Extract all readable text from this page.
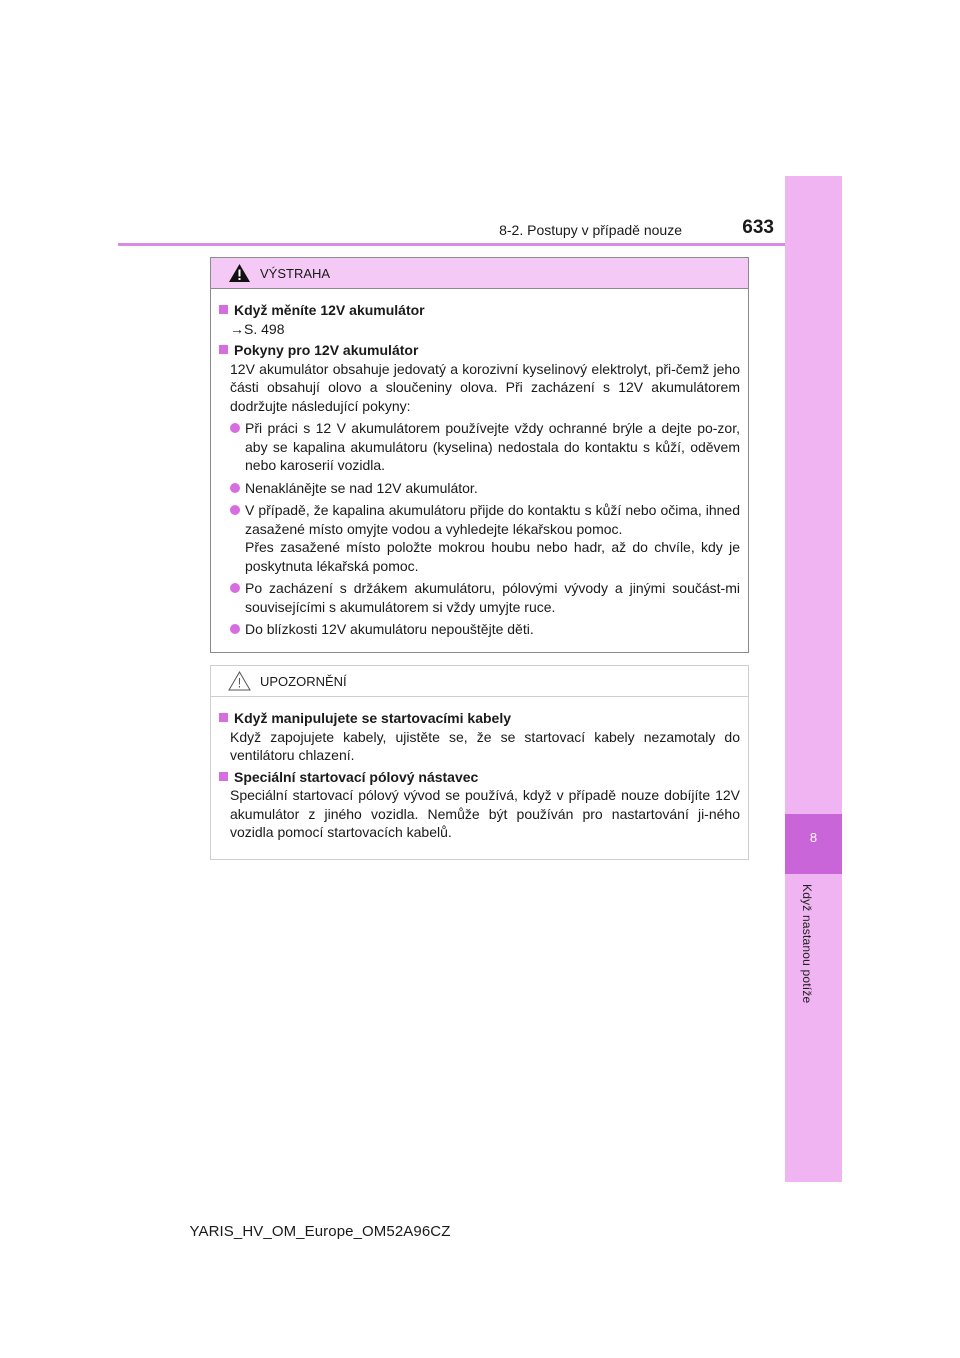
8
Když nastanou potíže
8-2. Postupy v případě nouze	633
VÝSTRAHA
Když měníte 12V akumulátor
→S. 498
Pokyny pro 12V akumulátor
12V akumulátor obsahuje jedovatý a korozivní kyselinový elektrolyt, při-čemž jeho části obsahují olovo a sloučeniny olova. Při zacházení s 12V akumulátorem dodržujte následující pokyny:
Při práci s 12 V akumulátorem používejte vždy ochranné brýle a dejte po-zor, aby se kapalina akumulátoru (kyselina) nedostala do kontaktu s kůží, oděvem nebo karoserií vozidla.
Nenaklánějte se nad 12V akumulátor.
V případě, že kapalina akumulátoru přijde do kontaktu s kůží nebo očima, ihned zasažené místo omyjte vodou a vyhledejte lékařskou pomoc.
Přes zasažené místo položte mokrou houbu nebo hadr, až do chvíle, kdy je poskytnuta lékařská pomoc.
Po zacházení s držákem akumulátoru, pólovými vývody a jinými součást-mi souvisejícími s akumulátorem si vždy umyjte ruce.
Do blízkosti 12V akumulátoru nepouštějte děti.
UPOZORNĚNÍ
Když manipulujete se startovacími kabely
Když zapojujete kabely, ujistěte se, že se startovací kabely nezamotaly do ventilátoru chlazení.
Speciální startovací pólový nástavec
Speciální startovací pólový vývod se používá, když v případě nouze dobíjíte 12V akumulátor z jiného vozidla. Nemůže být používán pro nastartování ji-ného vozidla pomocí startovacích kabelů.
YARIS_HV_OM_Europe_OM52A96CZ
